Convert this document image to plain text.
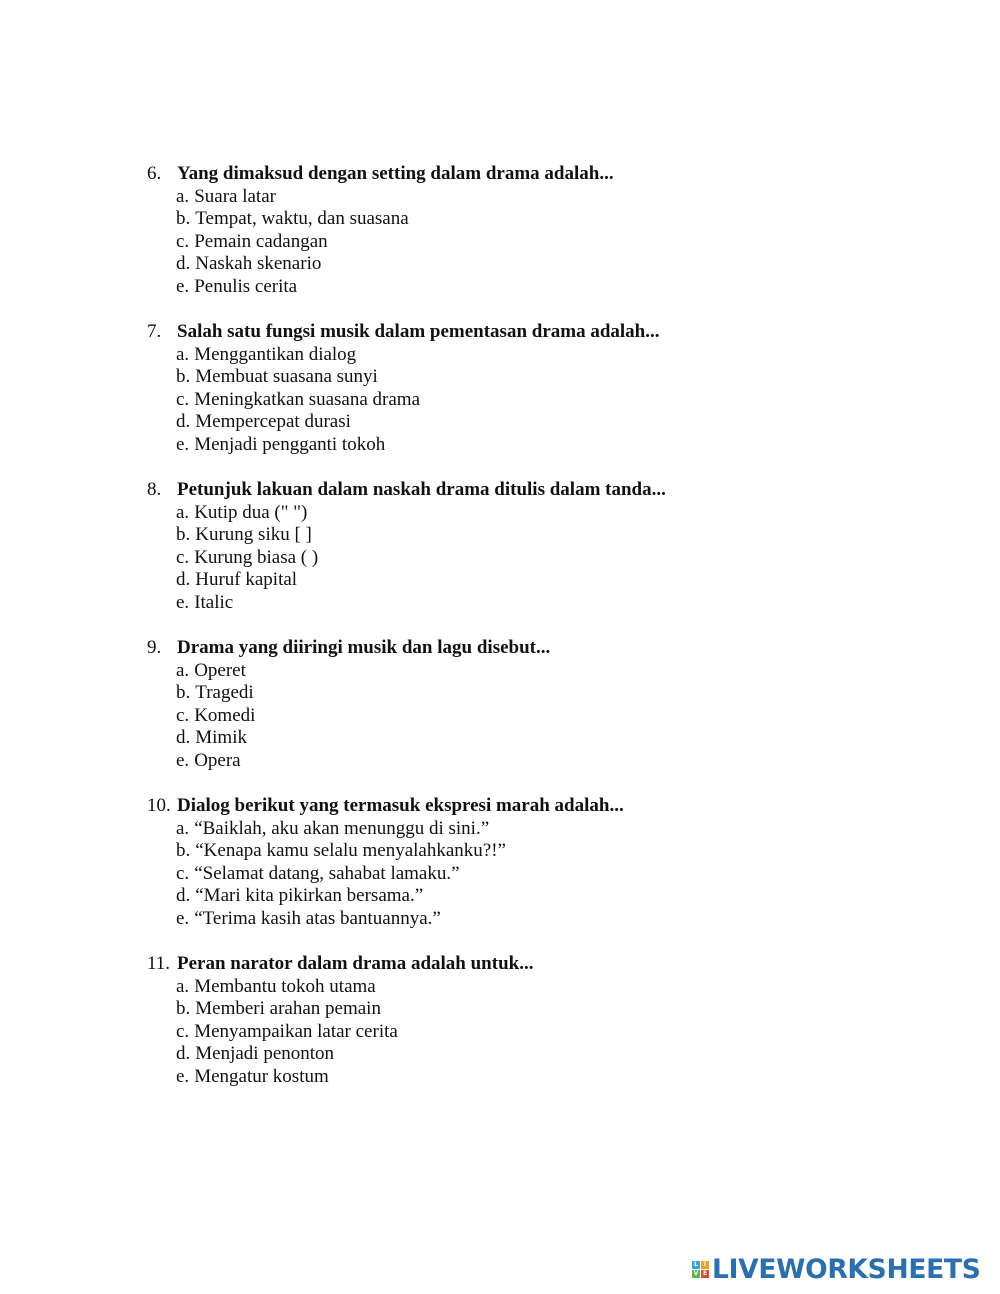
6. Yang dimaksud dengan setting dalam drama adalah...
a. Suara latar
b. Tempat, waktu, dan suasana
c. Pemain cadangan
d. Naskah skenario
e. Penulis cerita
7. Salah satu fungsi musik dalam pementasan drama adalah...
a. Menggantikan dialog
b. Membuat suasana sunyi
c. Meningkatkan suasana drama
d. Mempercepat durasi
e. Menjadi pengganti tokoh
8. Petunjuk lakuan dalam naskah drama ditulis dalam tanda...
a. Kutip dua (" ")
b. Kurung siku [ ]
c. Kurung biasa ( )
d. Huruf kapital
e. Italic
9. Drama yang diiringi musik dan lagu disebut...
a. Operet
b. Tragedi
c. Komedi
d. Mimik
e. Opera
10. Dialog berikut yang termasuk ekspresi marah adalah...
a. “Baiklah, aku akan menunggu di sini.”
b. “Kenapa kamu selalu menyalahkanku?!”
c. “Selamat datang, sahabat lamaku.”
d. “Mari kita pikirkan bersama.”
e. “Terima kasih atas bantuannya.”
11. Peran narator dalam drama adalah untuk...
a. Membantu tokoh utama
b. Memberi arahan pemain
c. Menyampaikan latar cerita
d. Menjadi penonton
e. Mengatur kostum
L I
V E LIVEWORKSHEETS
